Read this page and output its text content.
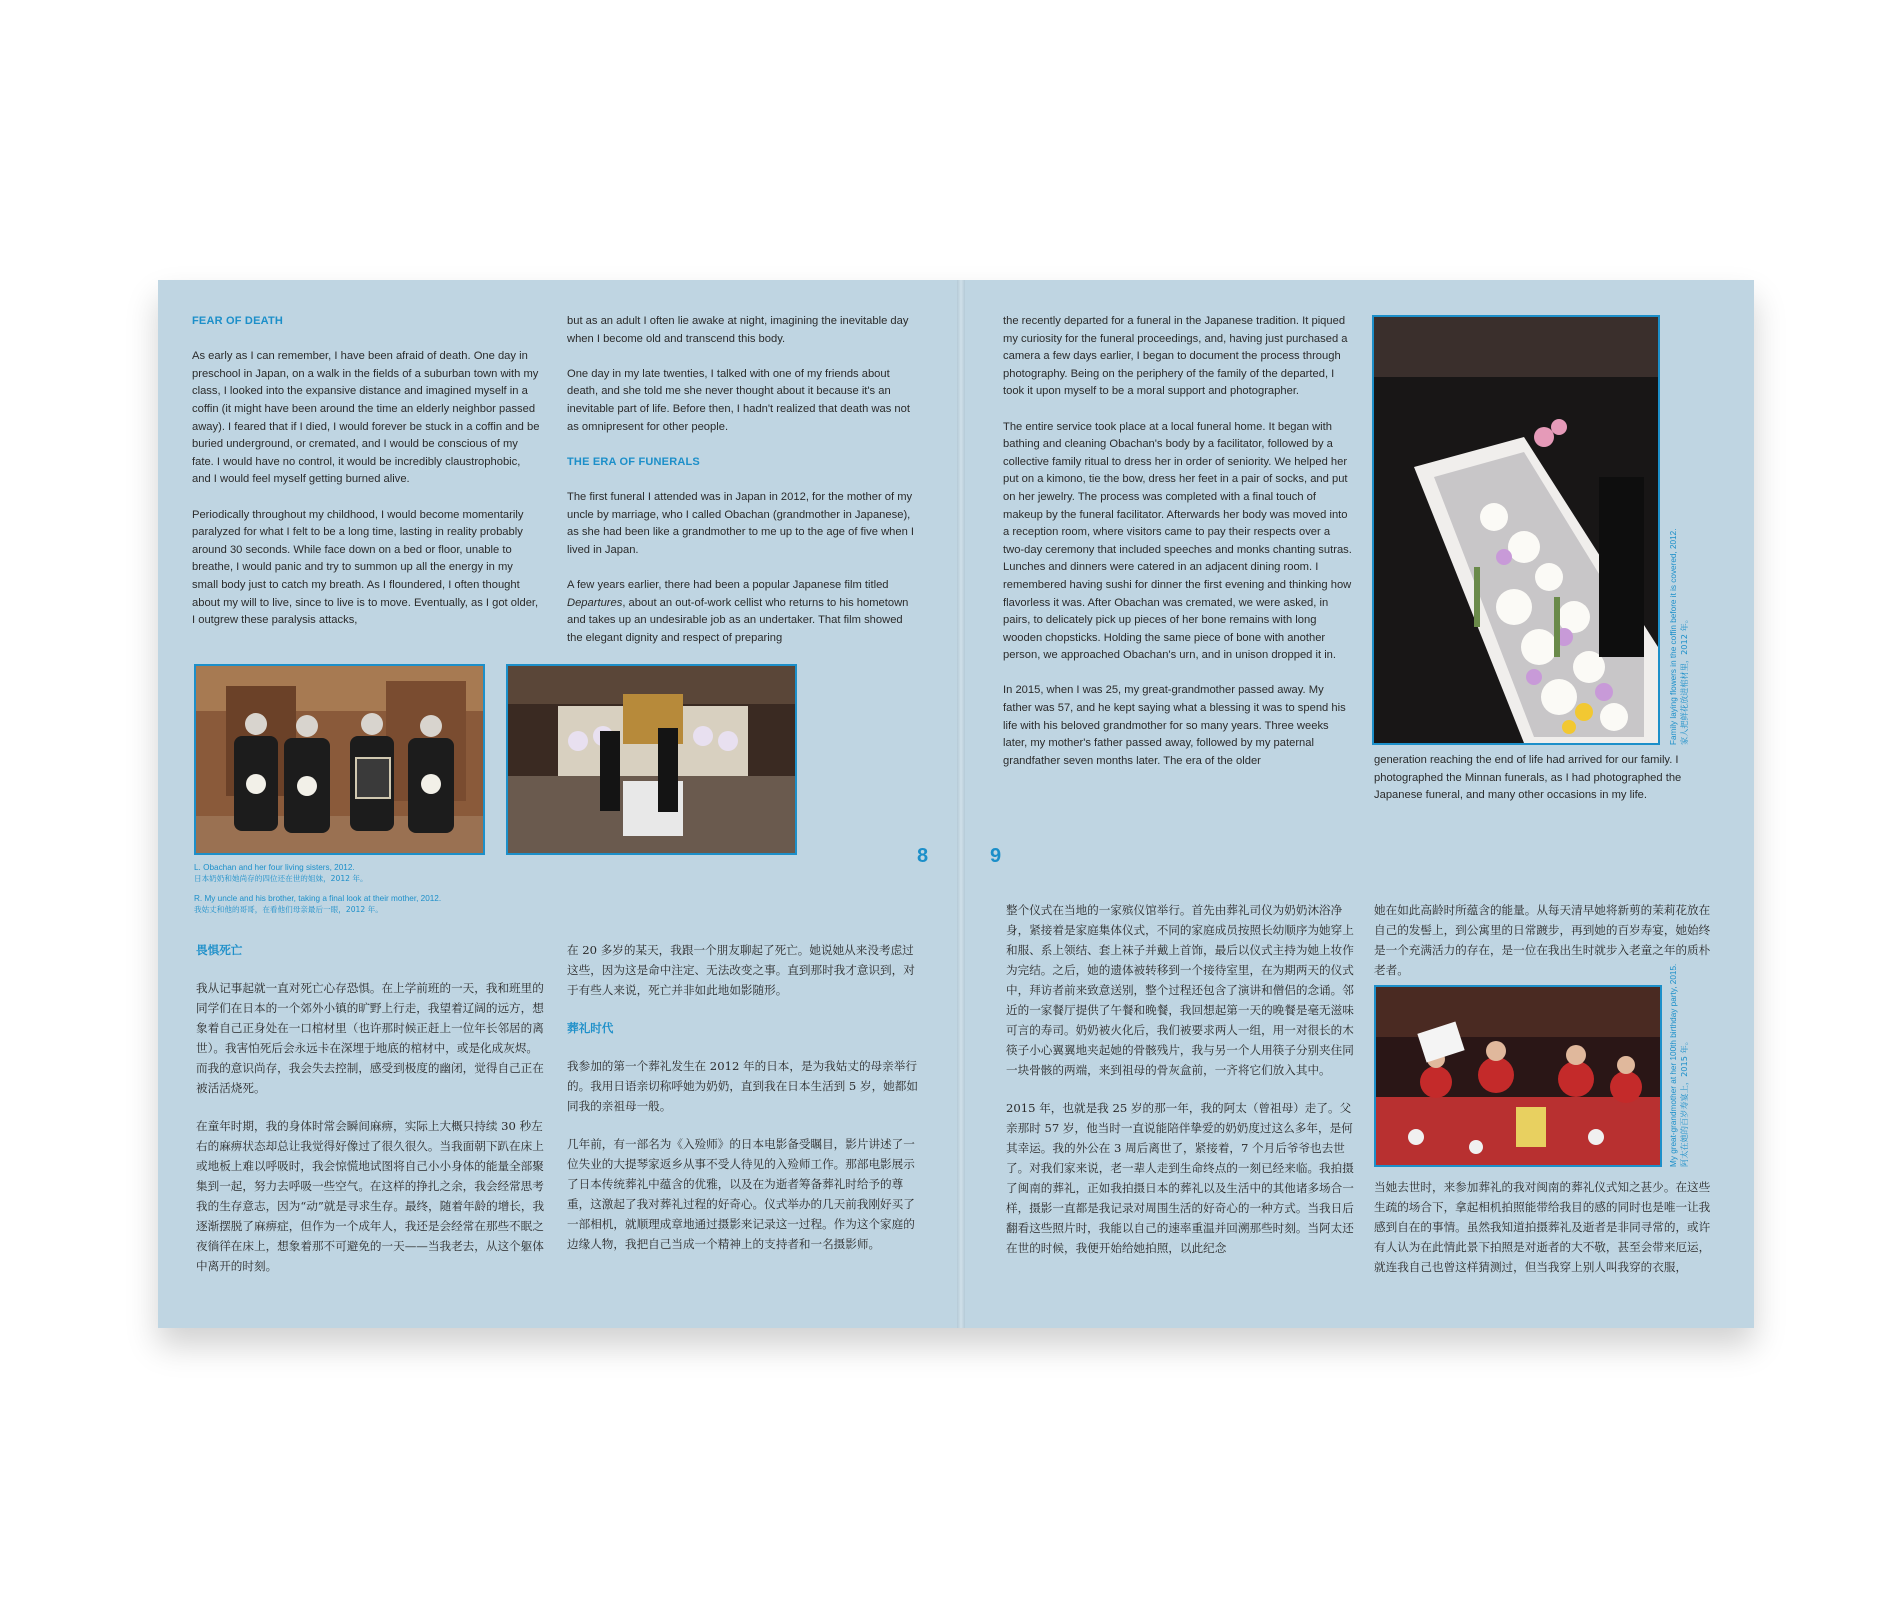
FEAR OF DEATH

As early as I can remember, I have been afraid of death. One day in preschool in Japan, on a walk in the fields of a suburban town with my class, I looked into the expansive distance and imagined myself in a coffin (it might have been around the time an elderly neighbor passed away). I feared that if I died, I would forever be stuck in a coffin and be buried underground, or cremated, and I would be conscious of my fate. I would have no control, it would be incredibly claustrophobic, and I would feel myself getting burned alive.

Periodically throughout my childhood, I would become momentarily paralyzed for what I felt to be a long time, lasting in reality probably around 30 seconds. While face down on a bed or floor, unable to breathe, I would panic and try to summon up all the energy in my small body just to catch my breath. As I floundered, I often thought about my will to live, since to live is to move. Eventually, as I got older, I outgrew these paralysis attacks,

but as an adult I often lie awake at night, imagining the inevitable day when I become old and transcend this body.

One day in my late twenties, I talked with one of my friends about death, and she told me she never thought about it because it's an inevitable part of life. Before then, I hadn't realized that death was not as omnipresent for other people.

THE ERA OF FUNERALS

The first funeral I attended was in Japan in 2012, for the mother of my uncle by marriage, who I called Obachan (grandmother in Japanese), as she had been like a grandmother to me up to the age of five when I lived in Japan.

A few years earlier, there had been a popular Japanese film titled Departures, about an out-of-work cellist who returns to his hometown and takes up an undesirable job as an undertaker. That film showed the elegant dignity and respect of preparing

L. Obachan and her four living sisters, 2012.
日本奶奶和她尚存的四位还在世的姐妹，2012 年。
R. My uncle and his brother, taking a final look at their mother, 2012.
我姑丈和他的哥哥，在看他们母亲最后一眼，2012 年。
8
畏惧死亡

我从记事起就一直对死亡心存恐惧。在上学前班的一天，我和班里的同学们在日本的一个郊外小镇的旷野上行走，我望着辽阔的远方，想象着自己正身处在一口棺材里（也许那时候正赶上一位年长邻居的离世）。我害怕死后会永远卡在深埋于地底的棺材中，或是化成灰烬。而我的意识尚存，我会失去控制，感受到极度的幽闭，觉得自己正在被活活烧死。

在童年时期，我的身体时常会瞬间麻痹，实际上大概只持续 30 秒左右的麻痹状态却总让我觉得好像过了很久很久。当我面朝下趴在床上或地板上难以呼吸时，我会惊慌地试图将自己小小身体的能量全部聚集到一起，努力去呼吸一些空气。在这样的挣扎之余，我会经常思考我的生存意志，因为“动”就是寻求生存。最终，随着年龄的增长，我逐渐摆脱了麻痹症，但作为一个成年人，我还是会经常在那些不眠之夜徜徉在床上，想象着那不可避免的一天——当我老去，从这个躯体中离开的时刻。

在 20 多岁的某天，我跟一个朋友聊起了死亡。她说她从来没考虑过这些，因为这是命中注定、无法改变之事。直到那时我才意识到，对于有些人来说，死亡并非如此地如影随形。

葬礼时代

我参加的第一个葬礼发生在 2012 年的日本，是为我姑丈的母亲举行的。我用日语亲切称呼她为奶奶，直到我在日本生活到 5 岁，她都如同我的亲祖母一般。

几年前，有一部名为《入殓师》的日本电影备受瞩目，影片讲述了一位失业的大提琴家返乡从事不受人待见的入殓师工作。那部电影展示了日本传统葬礼中蕴含的优雅，以及在为逝者筹备葬礼时给予的尊重，这激起了我对葬礼过程的好奇心。仪式举办的几天前我刚好买了一部相机，就顺理成章地通过摄影来记录这一过程。作为这个家庭的边缘人物，我把自己当成一个精神上的支持者和一名摄影师。

the recently departed for a funeral in the Japanese tradition. It piqued my curiosity for the funeral proceedings, and, having just purchased a camera a few days earlier, I began to document the process through photography. Being on the periphery of the family of the departed, I took it upon myself to be a moral support and photographer.

The entire service took place at a local funeral home. It began with bathing and cleaning Obachan's body by a facilitator, followed by a collective family ritual to dress her in order of seniority. We helped her put on a kimono, tie the bow, dress her feet in a pair of socks, and put on her jewelry. The process was completed with a final touch of makeup by the funeral facilitator. Afterwards her body was moved into a reception room, where visitors came to pay their respects over a two-day ceremony that included speeches and monks chanting sutras. Lunches and dinners were catered in an adjacent dining room. I remembered having sushi for dinner the first evening and thinking how flavorless it was. After Obachan was cremated, we were asked, in pairs, to delicately pick up pieces of her bone remains with long wooden chopsticks. Holding the same piece of bone with another person, we approached Obachan's urn, and in unison dropped it in.

In 2015, when I was 25, my great-grandmother passed away. My father was 57, and he kept saying what a blessing it was to spend his life with his beloved grandmother for so many years. Three weeks later, my mother's father passed away, followed by my paternal grandfather seven months later. The era of the older

Family laying flowers in the coffin before it is covered, 2012. 家人把鲜花放进棺材里，2012 年。

generation reaching the end of life had arrived for our family. I photographed the Minnan funerals, as I had photographed the Japanese funeral, and many other occasions in my life.

9

整个仪式在当地的一家殡仪馆举行。首先由葬礼司仪为奶奶沐浴净身，紧接着是家庭集体仪式，不同的家庭成员按照长幼顺序为她穿上和服、系上领结、套上袜子并戴上首饰，最后以仪式主持为她上妆作为完结。之后，她的遗体被转移到一个接待室里，在为期两天的仪式中，拜访者前来致意送别，整个过程还包含了演讲和僧侣的念诵。邻近的一家餐厅提供了午餐和晚餐，我回想起第一天的晚餐是毫无滋味可言的寿司。奶奶被火化后，我们被要求两人一组，用一对很长的木筷子小心翼翼地夹起她的骨骸残片，我与另一个人用筷子分别夹住同一块骨骸的两端，来到祖母的骨灰盒前，一齐将它们放入其中。

2015 年，也就是我 25 岁的那一年，我的阿太（曾祖母）走了。父亲那时 57 岁，他当时一直说能陪伴挚爱的奶奶度过这么多年，是何其幸运。我的外公在 3 周后离世了，紧接着，7 个月后爷爷也去世了。对我们家来说，老一辈人走到生命终点的一刻已经来临。我拍摄了闽南的葬礼，正如我拍摄日本的葬礼以及生活中的其他诸多场合一样，摄影一直都是我记录对周围生活的好奇心的一种方式。当我日后翻看这些照片时，我能以自己的速率重温并回溯那些时刻。当阿太还在世的时候，我便开始给她拍照，以此纪念

她在如此高龄时所蕴含的能量。从每天清早她将新剪的茉莉花放在自己的发髻上，到公寓里的日常踱步，再到她的百岁寿宴，她始终是一个充满活力的存在，是一位在我出生时就步入老童之年的质朴老者。	My great-grandmother at her 100th birthday party, 2015. 阿太在她的百岁寿宴上，2015 年。

当她去世时，来参加葬礼的我对闽南的葬礼仪式知之甚少。在这些生疏的场合下，拿起相机拍照能带给我目的感的同时也是唯一让我感到自在的事情。虽然我知道拍摄葬礼及逝者是非同寻常的，或许有人认为在此情此景下拍照是对逝者的大不敬，甚至会带来厄运，就连我自己也曾这样猜测过，但当我穿上别人叫我穿的衣服，
